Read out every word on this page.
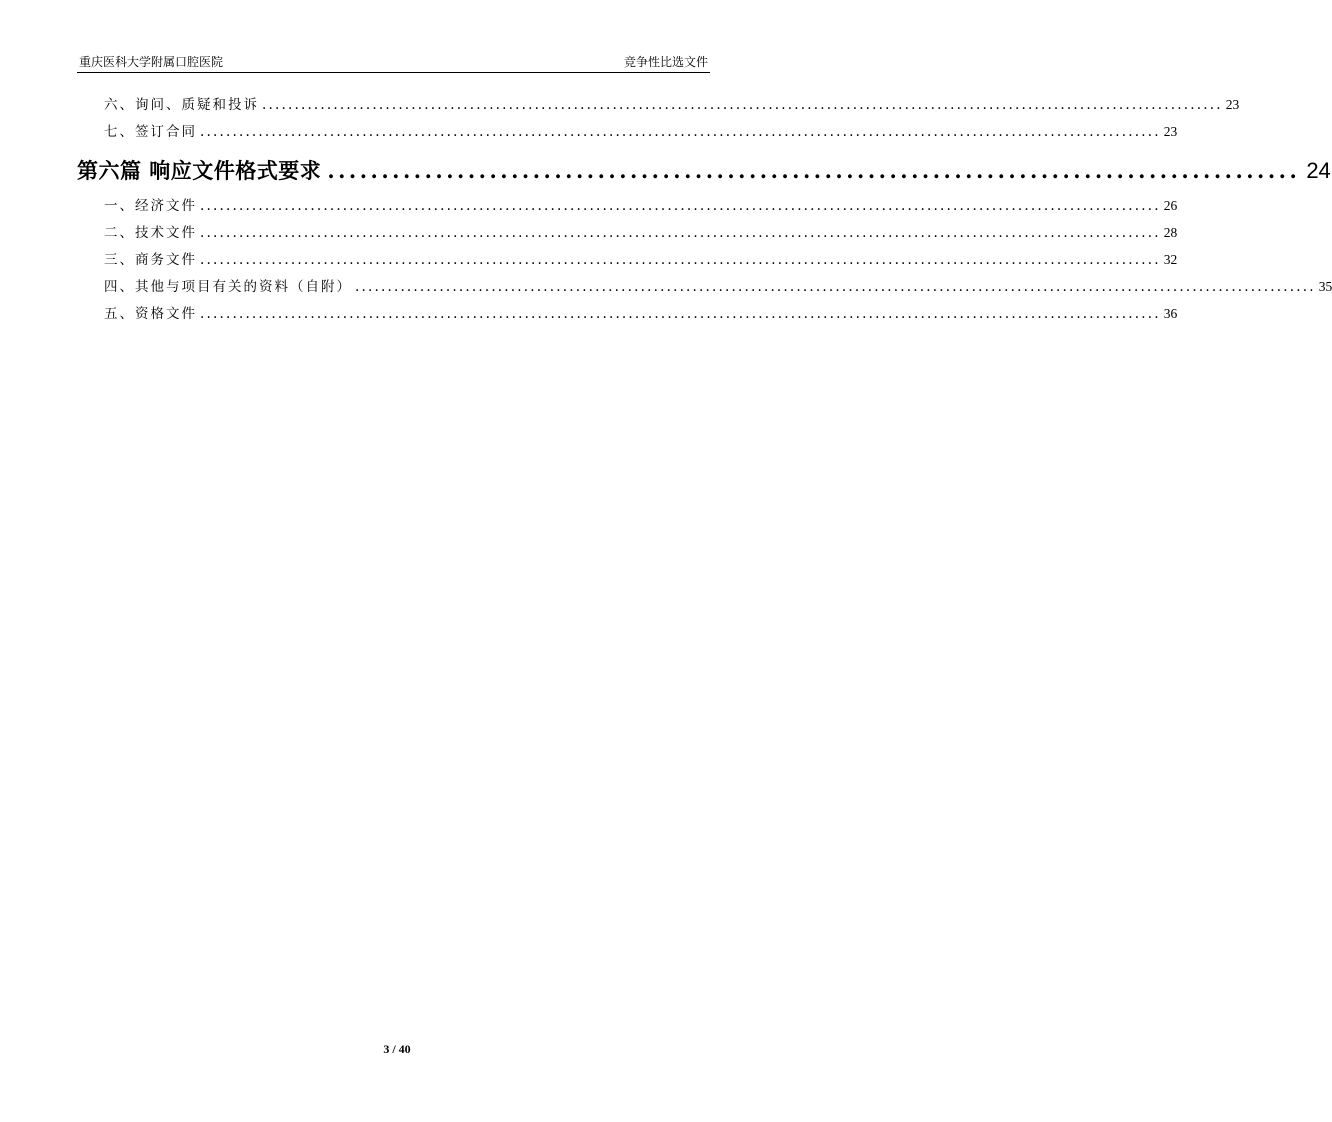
重庆医科大学附属口腔医院	竞争性比选文件
六、询问、质疑和投诉 .................................................................................................................................................... 23
七、签订合同 .................................................................................................................................................... 23
第六篇 响应文件格式要求 .......................................................................................... 24
一、经济文件 .................................................................................................................................................... 26
二、技术文件 .................................................................................................................................................... 28
三、商务文件 .................................................................................................................................................... 32
四、其他与项目有关的资料（自附） .................................................................................................................................................... 35
五、资格文件 .................................................................................................................................................... 36
3 / 40
